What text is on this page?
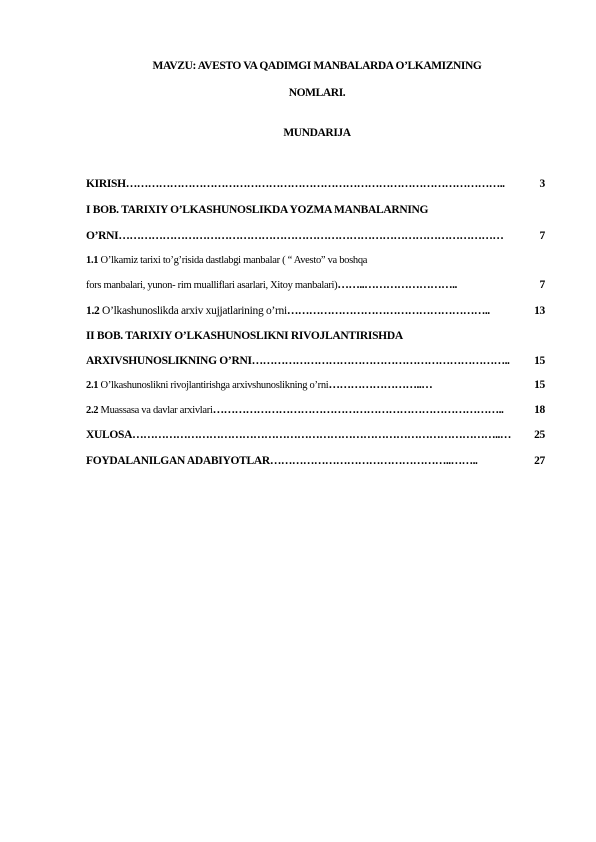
MAVZU: AVESTO VA QADIMGI MANBALARDA O’LKAMIZNING
NOMLARI.
MUNDARIJA
KIRISH …………………………………………………………………………………………..	3
I BOB. TARIXIY O’LKASHUNOSLIKDA YOZMA MANBALARNING
O’RNI ……………………………………………………………………………………………	7
1.1 O’lkamiz tarixi to’g’risida dastlabgi manbalar ( “ Avesto” va boshqa
fors manbalari, yunon- rim mualliflari asarlari, Xitoy manbalari) ……..……………………..	7
1.2 O’lkashunoslikda arxiv xujjatlarining o’rni ………………………………………………..	13
II BOB. TARIXIY O’LKASHUNOSLIKNI RIVOJLANTIRISHDA
ARXIVSHUNOSLIKNING O’RNI ……………………………………………………………..	15
2.1 O’lkashunoslikni rivojlantirishga arxivshunoslikning o’rni ……………………..…	15
2.2 Muassasa va davlar arxivlari ……………………………………………………………………..	18
XULOSA ………………………………………………………………………………………..…	25
FOYDALANILGAN ADABIYOTLAR …………………………………………..……..	27
